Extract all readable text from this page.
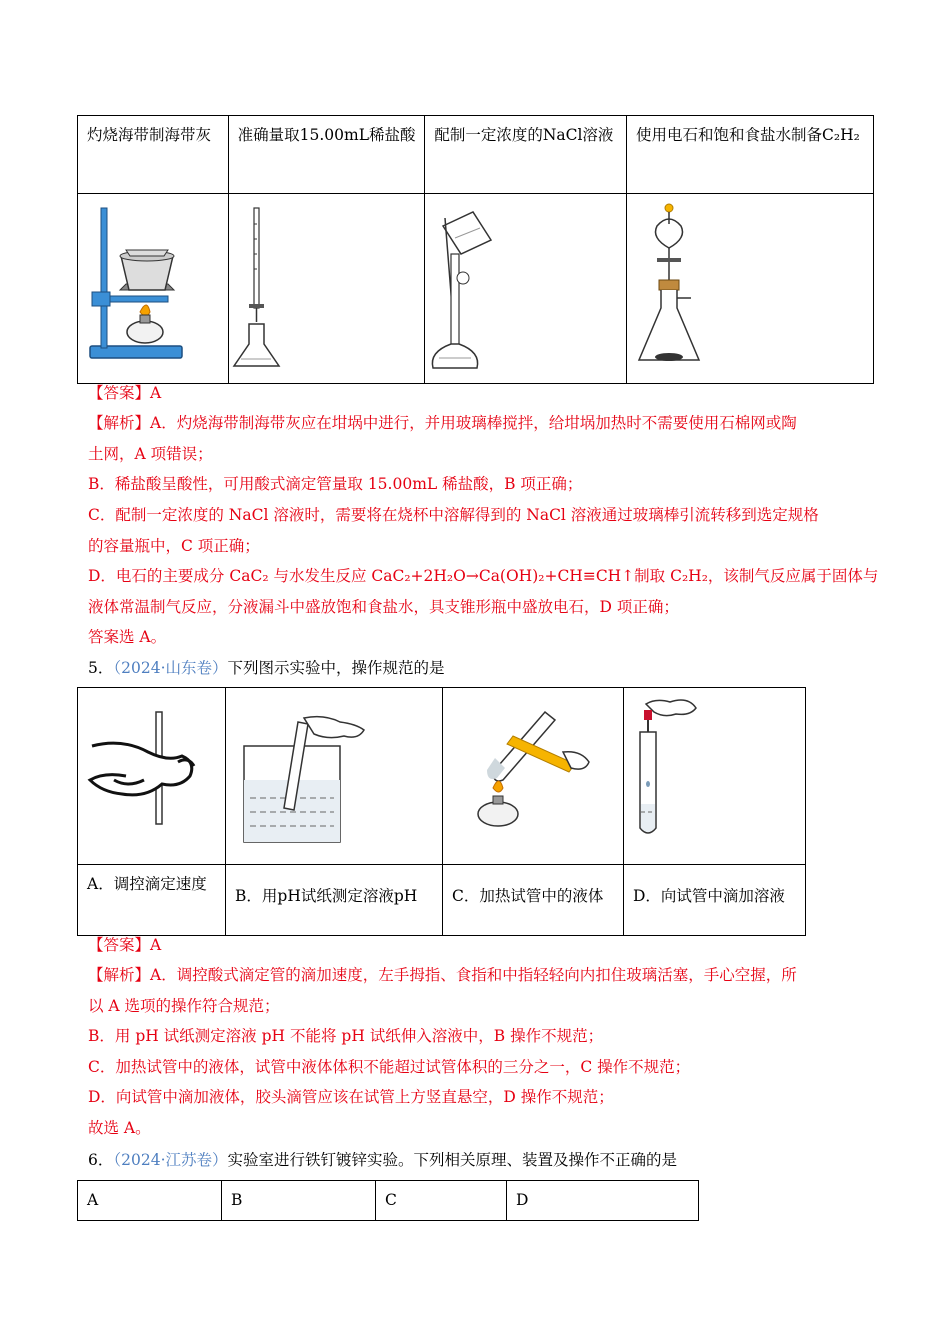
灼烧海带制海带灰	准确量取15.00mL稀盐酸	配制一定浓度的NaCl溶液	使用电石和饱和食盐水制备C₂H₂

【答案】A
【解析】A．灼烧海带制海带灰应在坩埚中进行，并用玻璃棒搅拌，给坩埚加热时不需要使用石棉网或陶
土网，A 项错误；
B．稀盐酸呈酸性，可用酸式滴定管量取 15.00mL 稀盐酸，B 项正确；
C．配制一定浓度的 NaCl 溶液时，需要将在烧杯中溶解得到的 NaCl 溶液通过玻璃棒引流转移到选定规格
的容量瓶中，C 项正确；
D．电石的主要成分 CaC₂ 与水发生反应 CaC₂+2H₂O→Ca(OH)₂+CH≡CH↑制取 C₂H₂，该制气反应属于固体与
液体常温制气反应，分液漏斗中盛放饱和食盐水，具支锥形瓶中盛放电石，D 项正确；
答案选 A。
5．（2024·山东卷）下列图示实验中，操作规范的是

A．调控滴定速度	B．用pH试纸测定溶液pH	C．加热试管中的液体	D．向试管中滴加溶液
【答案】A
【解析】A．调控酸式滴定管的滴加速度，左手拇指、食指和中指轻轻向内扣住玻璃活塞，手心空握，所
以 A 选项的操作符合规范；
B．用 pH 试纸测定溶液 pH 不能将 pH 试纸伸入溶液中，B 操作不规范；
C．加热试管中的液体，试管中液体体积不能超过试管体积的三分之一，C 操作不规范；
D．向试管中滴加液体，胶头滴管应该在试管上方竖直悬空，D 操作不规范；
故选 A。
6．（2024·江苏卷）实验室进行铁钉镀锌实验。下列相关原理、装置及操作不正确的是
A	B	C	D
